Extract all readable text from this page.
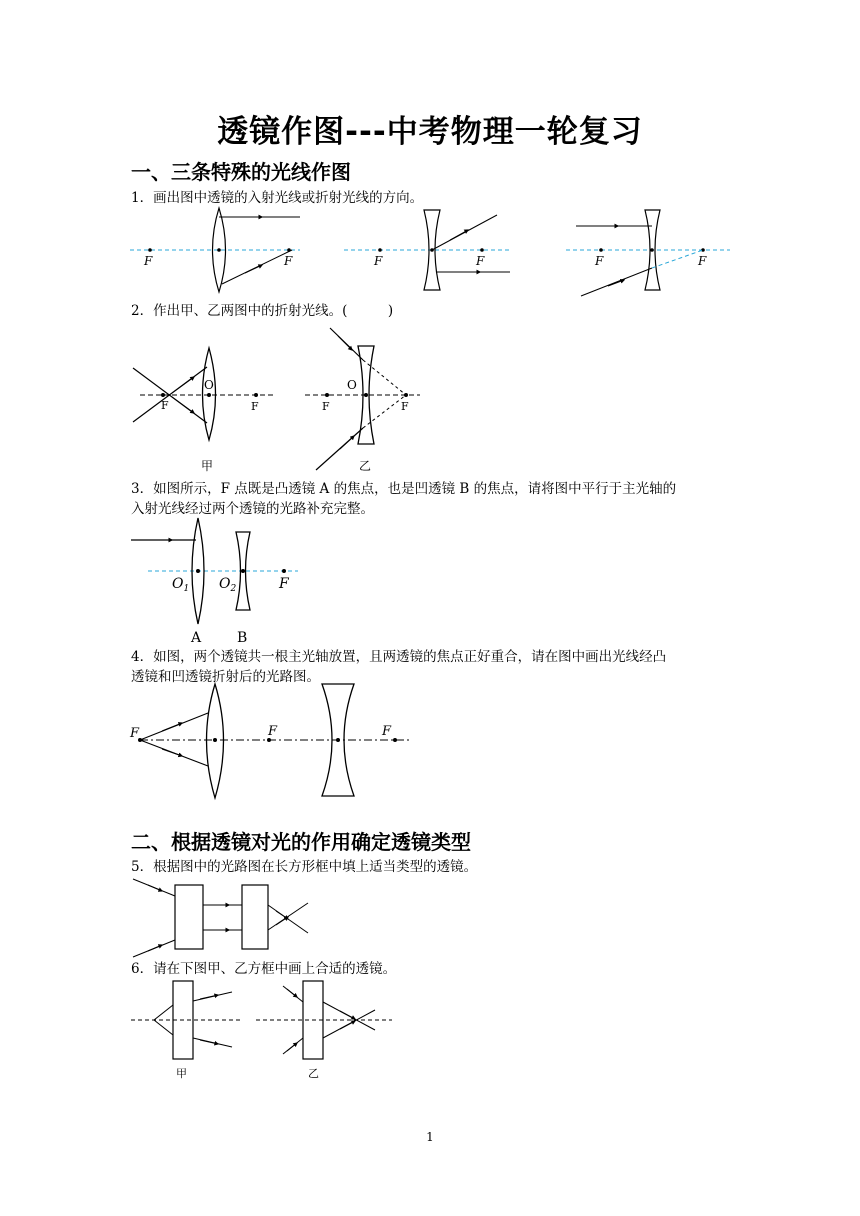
透镜作图---中考物理一轮复习
一、三条特殊的光线作图
1．画出图中透镜的入射光线或折射光线的方向。
F	F	F	F	F	F
F
O
F
甲
F
O
F
乙
$O_1$ $O_2$	F
A	B
F	F	F
甲	乙
2．作出甲、乙两图中的折射光线。(　　　)
3．如图所示，F 点既是凸透镜 A 的焦点，也是凹透镜 B 的焦点，请将图中平行于主光轴的
入射光线经过两个透镜的光路补充完整。
4．如图，两个透镜共一根主光轴放置，且两透镜的焦点正好重合，请在图中画出光线经凸
透镜和凹透镜折射后的光路图。
二、根据透镜对光的作用确定透镜类型
5．根据图中的光路图在长方形框中填上适当类型的透镜。
6．请在下图甲、乙方框中画上合适的透镜。
1
